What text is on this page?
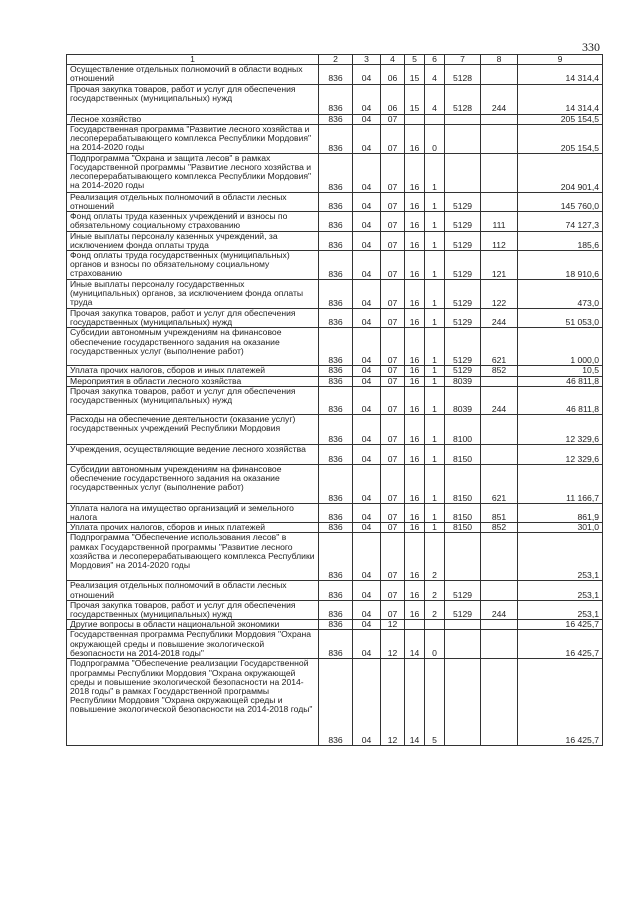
330
1	2	3	4	5	6	7	8	9
Осуществление отдельных полномочий в области водных отношений	836	04	06	15	4	5128		14 314,4
Прочая закупка товаров, работ и услуг для обеспечения государственных (муниципальных) нужд	836	04	06	15	4	5128	244	14 314,4
Лесное хозяйство	836	04	07					205 154,5
Государственная программа "Развитие лесного хозяйства и лесоперерабатывающего комплекса Республики Мордовия" на 2014-2020 годы	836	04	07	16	0			205 154,5
Подпрограмма "Охрана и защита лесов" в рамках Государственной программы "Развитие лесного хозяйства и лесоперерабатывающего комплекса Республики Мордовия" на 2014-2020 годы	836	04	07	16	1			204 901,4
Реализация отдельных полномочий в области лесных отношений	836	04	07	16	1	5129		145 760,0
Фонд оплаты труда казенных учреждений и взносы по обязательному социальному страхованию	836	04	07	16	1	5129	111	74 127,3
Иные выплаты персоналу казенных учреждений, за исключением фонда оплаты труда	836	04	07	16	1	5129	112	185,6
Фонд оплаты труда государственных (муниципальных) органов и взносы по обязательному социальному страхованию	836	04	07	16	1	5129	121	18 910,6
Иные выплаты персоналу государственных (муниципальных) органов, за исключением фонда оплаты труда	836	04	07	16	1	5129	122	473,0
Прочая закупка товаров, работ и услуг для обеспечения государственных (муниципальных) нужд	836	04	07	16	1	5129	244	51 053,0
Субсидии автономным учреждениям на финансовое обеспечение государственного задания на оказание государственных услуг (выполнение работ)	836	04	07	16	1	5129	621	1 000,0
Уплата прочих налогов, сборов и иных платежей	836	04	07	16	1	5129	852	10,5
Мероприятия в области лесного хозяйства	836	04	07	16	1	8039		46 811,8
Прочая закупка товаров, работ и услуг для обеспечения государственных (муниципальных) нужд	836	04	07	16	1	8039	244	46 811,8
Расходы на обеспечение деятельности (оказание услуг) государственных учреждений Республики Мордовия	836	04	07	16	1	8100		12 329,6
Учреждения, осуществляющие ведение лесного хозяйства	836	04	07	16	1	8150		12 329,6
Субсидии автономным учреждениям на финансовое обеспечение государственного задания на оказание государственных услуг (выполнение работ)	836	04	07	16	1	8150	621	11 166,7
Уплата налога на имущество организаций и земельного налога	836	04	07	16	1	8150	851	861,9
Уплата прочих налогов, сборов и иных платежей	836	04	07	16	1	8150	852	301,0
Подпрограмма "Обеспечение использования лесов" в рамках Государственной программы "Развитие лесного хозяйства и лесоперерабатывающего комплекса Республики Мордовия" на 2014-2020 годы	836	04	07	16	2			253,1
Реализация отдельных полномочий в области лесных отношений	836	04	07	16	2	5129		253,1
Прочая закупка товаров, работ и услуг для обеспечения государственных (муниципальных) нужд	836	04	07	16	2	5129	244	253,1
Другие вопросы в области национальной экономики	836	04	12					16 425,7
Государственная программа Республики Мордовия "Охрана окружающей среды и повышение экологической безопасности на 2014-2018 годы"	836	04	12	14	0			16 425,7
Подпрограмма "Обеспечение реализации Государственной программы Республики Мордовия "Охрана окружающей среды и повышение экологической безопасности на 2014-2018 годы" в рамках Государственной программы Республики Мордовия "Охрана окружающей среды и повышение экологической безопасности на 2014-2018 годы"	836	04	12	14	5			16 425,7
